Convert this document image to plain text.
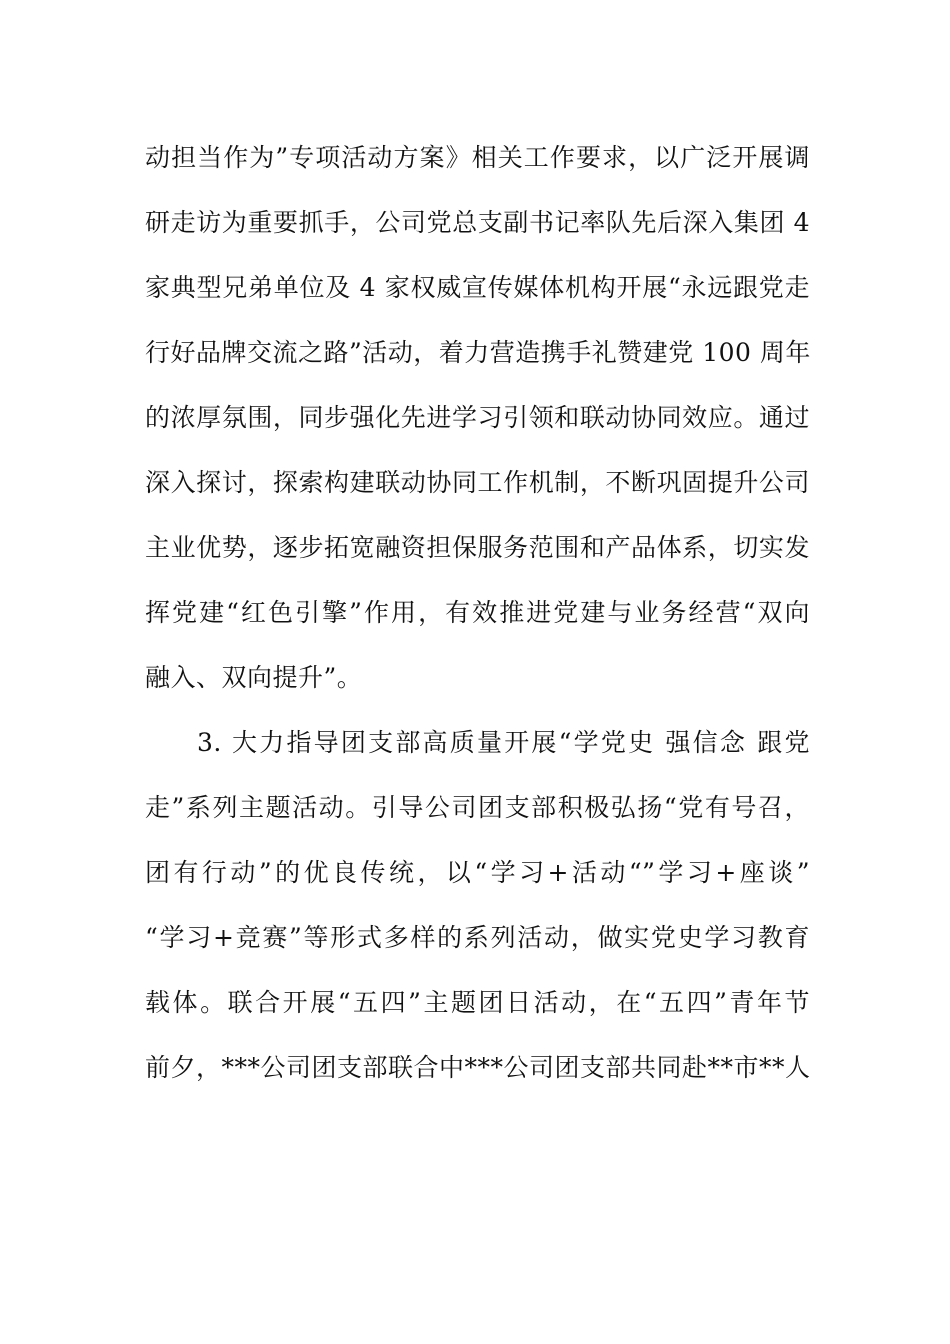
动担当作为”专项活动方案》相关工作要求，以广泛开展调
研走访为重要抓手，公司党总支副书记率队先后深入集团 4
家典型兄弟单位及 4 家权威宣传媒体机构开展“永远跟党走
行好品牌交流之路”活动，着力营造携手礼赞建党 100 周年
的浓厚氛围，同步强化先进学习引领和联动协同效应。通过
深入探讨，探索构建联动协同工作机制，不断巩固提升公司
主业优势，逐步拓宽融资担保服务范围和产品体系，切实发
挥党建“红色引擎”作用，有效推进党建与业务经营“双向
融入、双向提升”。
3. 大力指导团支部高质量开展“学党史 强信念 跟党
走”系列主题活动。引导公司团支部积极弘扬“党有号召，
团有行动”的优良传统，以“学习+活动“”学习+座谈”
“学习+竞赛”等形式多样的系列活动，做实党史学习教育
载体。联合开展“五四”主题团日活动，在“五四”青年节
前夕，***公司团支部联合中***公司团支部共同赴**市**人
